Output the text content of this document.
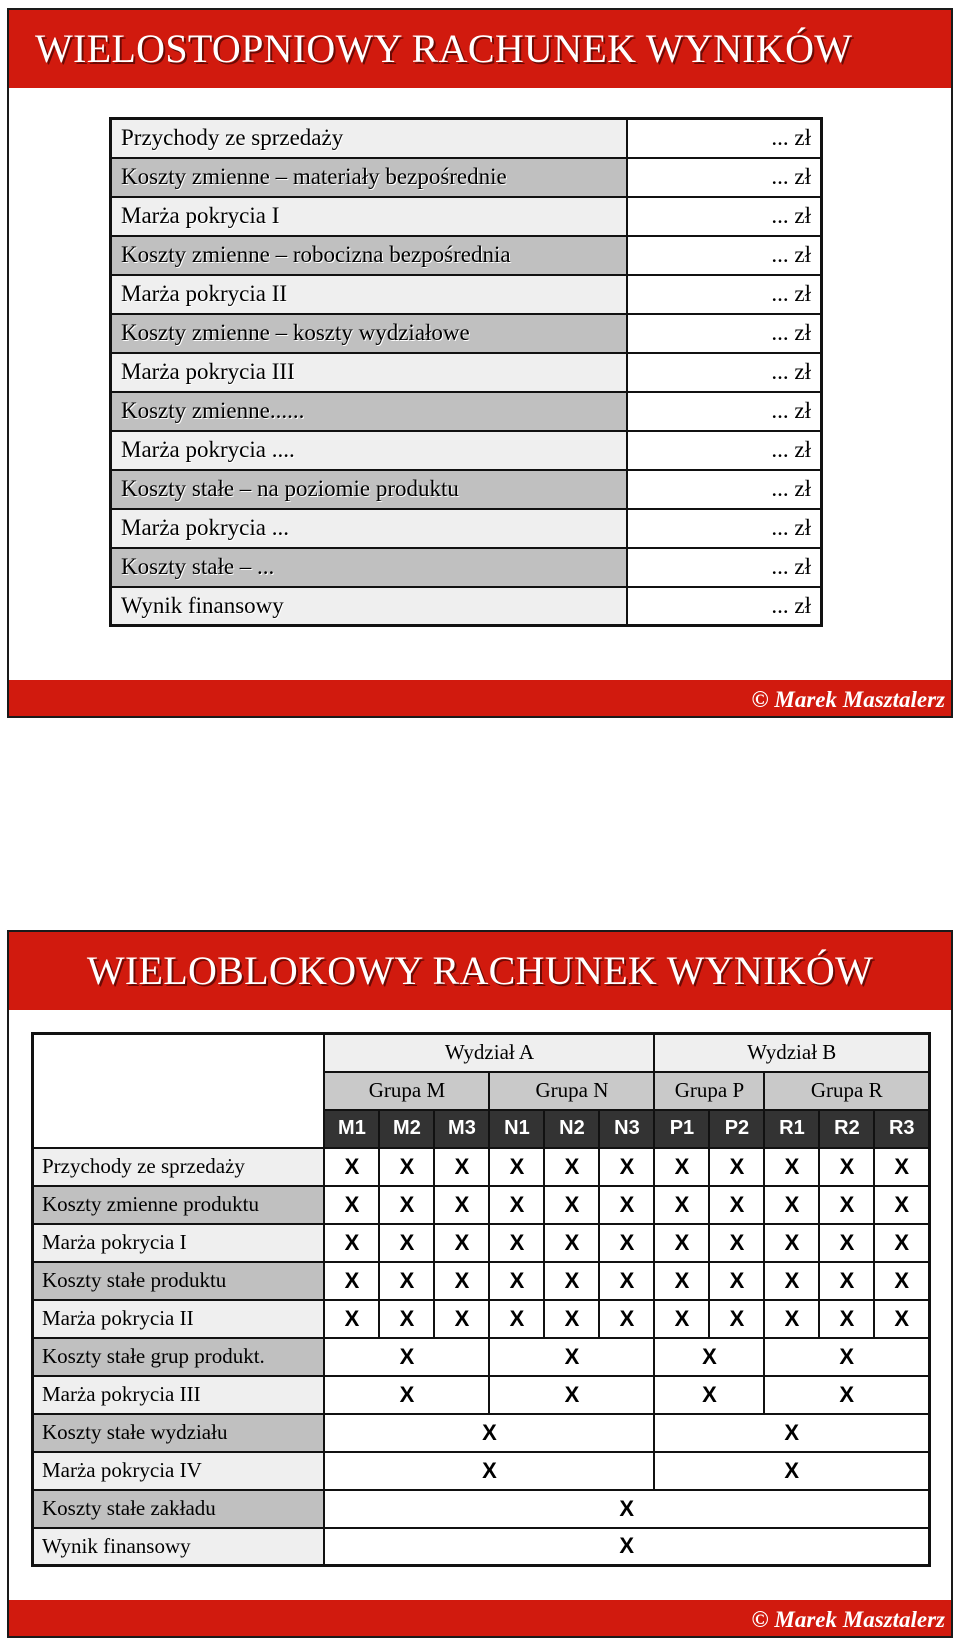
WIELOSTOPNIOWY RACHUNEK WYNIKÓW
Przychody ze sprzedaży	... zł
Koszty zmienne – materiały bezpośrednie	... zł
Marża pokrycia I	... zł
Koszty zmienne – robocizna bezpośrednia	... zł
Marża pokrycia II	... zł
Koszty zmienne – koszty wydziałowe	... zł
Marża pokrycia III	... zł
Koszty zmienne......	... zł
Marża pokrycia ....	... zł
Koszty stałe – na poziomie produktu	... zł
Marża pokrycia ...	... zł
Koszty stałe – ...	... zł
Wynik finansowy	... zł
© Marek Masztalerz
WIELOBLOKOWY RACHUNEK WYNIKÓW
	Wydział A						Wydział B				
	Grupa M			Grupa N			Grupa P		Grupa R		
	M1	M2	M3	N1	N2	N3	P1	P2	R1	R2	R3
Przychody ze sprzedaży	X	X	X	X	X	X	X	X	X	X	X
Koszty zmienne produktu	X	X	X	X	X	X	X	X	X	X	X
Marża pokrycia I	X	X	X	X	X	X	X	X	X	X	X
Koszty stałe produktu	X	X	X	X	X	X	X	X	X	X	X
Marża pokrycia II	X	X	X	X	X	X	X	X	X	X	X
Koszty stałe grup produkt.	X			X			X		X		
Marża pokrycia III	X			X			X		X		
Koszty stałe wydziału	X						X				
Marża pokrycia IV	X						X				
Koszty stałe zakładu	X										
Wynik finansowy	X										
© Marek Masztalerz
